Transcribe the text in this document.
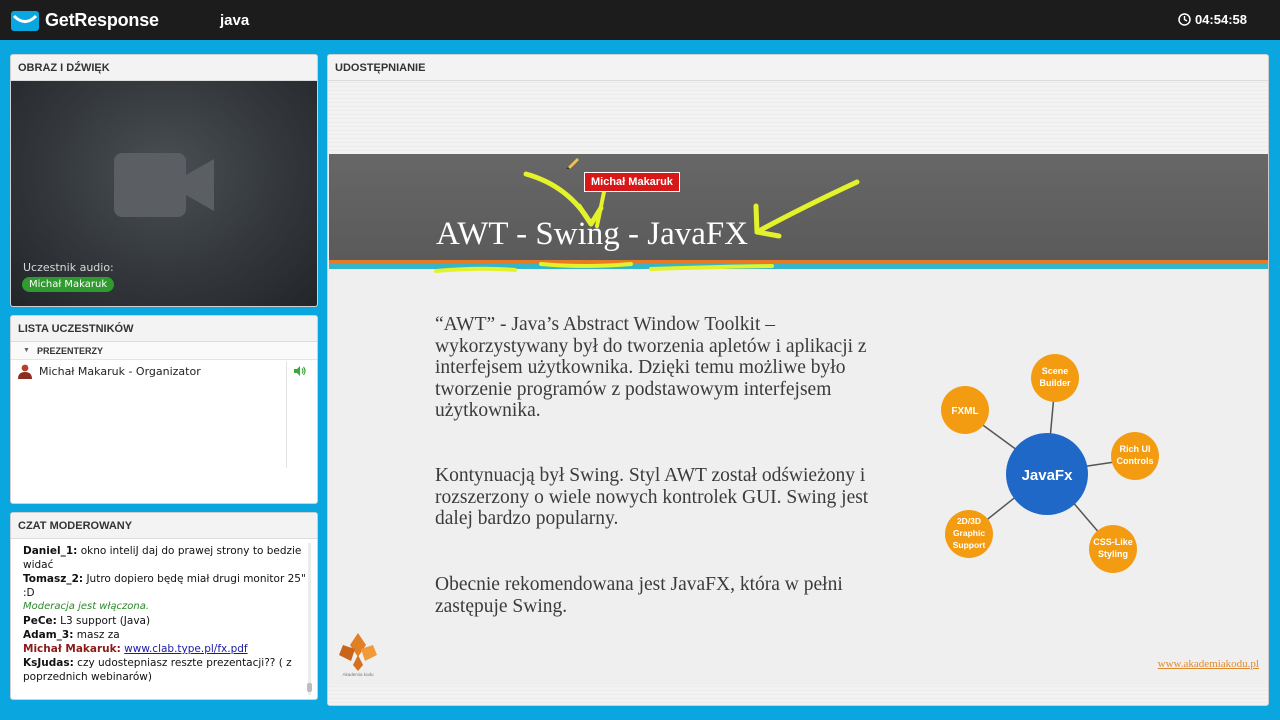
GetResponse	java	04:54:58
OBRAZ I DŹWIĘK
Uczestnik audio:
Michał Makaruk
LISTA UCZESTNIKÓW
▼ PREZENTERZY
Michał Makaruk - Organizator
CZAT MODEROWANY
Daniel_1: okno inteliJ daj do prawej strony to bedzie widać
Tomasz_2: Jutro dopiero będę miał drugi monitor 25" :D
Moderacja jest włączona.
PeCe: L3 support (Java)
Adam_3: masz za
Michał Makaruk: www.clab.type.pl/fx.pdf
KsJudas: czy udostepniasz reszte prezentacji?? ( z poprzednich webinarów)
UDOSTĘPNIANIE
AWT - Swing - JavaFX
Michał Makaruk
“AWT” - Java’s Abstract Window Toolkit – wykorzystywany był do tworzenia apletów i aplikacji z interfejsem użytkownika. Dzięki temu możliwe było tworzenie programów z podstawowym interfejsem użytkownika.
Kontynuacją był Swing. Styl AWT został odświeżony i rozszerzony o wiele nowych kontrolek GUI. Swing jest dalej bardzo popularny.
Obecnie rekomendowana jest JavaFX, która w pełni zastępuje Swing.
Scene
Builder
FXML
Rich UI
Controls
2D/3D
Graphic
Support	CSS-Like
Styling
JavaFx
Akademia kodu
www.akademiakodu.pl
